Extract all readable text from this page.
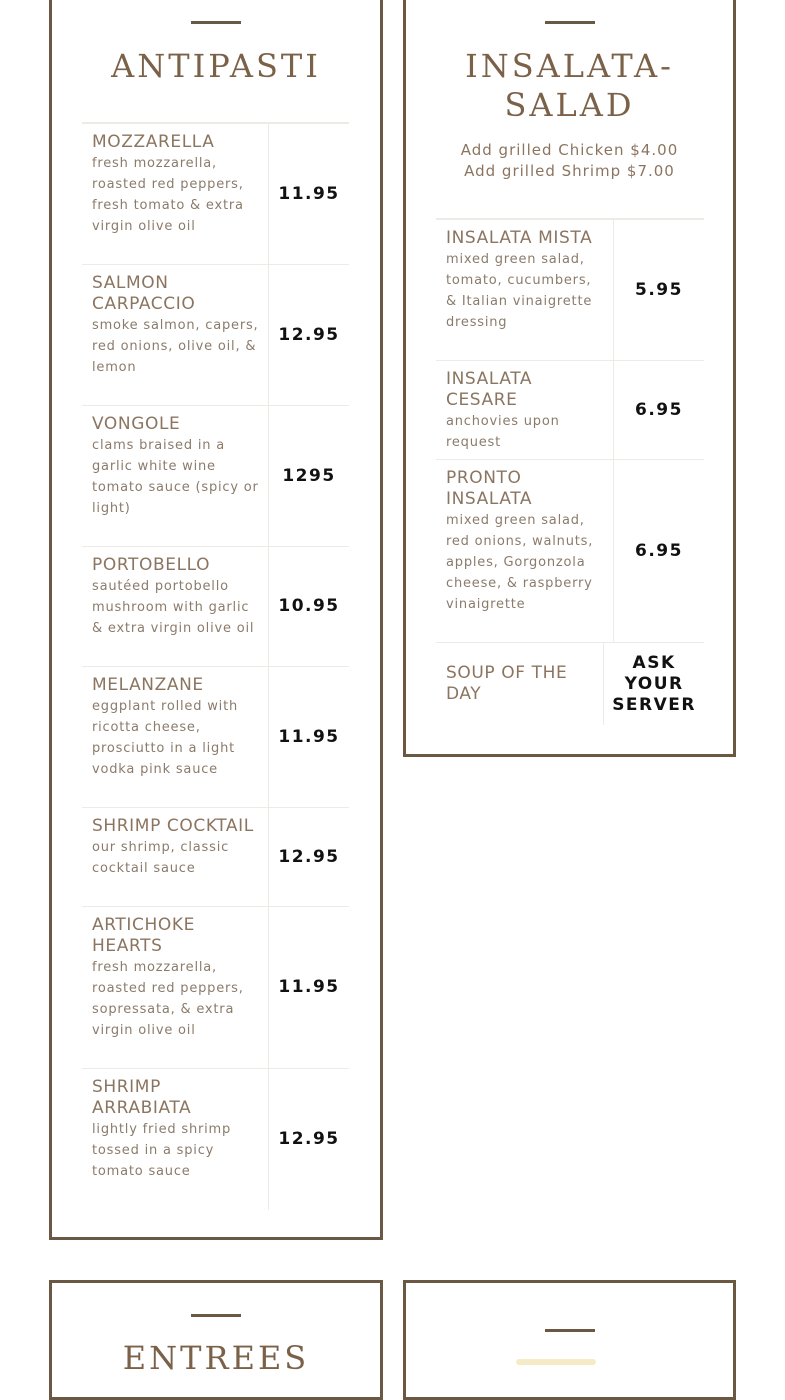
ANTIPASTI
MOZZARELLA
fresh mozzarella, roasted red peppers, fresh tomato & extra virgin olive oil
11.95
SALMON CARPACCIO
smoke salmon, capers, red onions, olive oil, & lemon
12.95
VONGOLE
clams braised in a garlic white wine tomato sauce (spicy or light)
1295
PORTOBELLO
sautéed portobello mushroom with garlic & extra virgin olive oil
10.95
MELANZANE
eggplant rolled with ricotta cheese, prosciutto in a light vodka pink sauce
11.95
SHRIMP COCKTAIL
our shrimp, classic cocktail sauce
12.95
ARTICHOKE HEARTS
fresh mozzarella, roasted red peppers, sopressata, & extra virgin olive oil
11.95
SHRIMP ARRABIATA
lightly fried shrimp tossed in a spicy tomato sauce
12.95
INSALATA-
SALAD
Add grilled Chicken $4.00
Add grilled Shrimp $7.00
INSALATA MISTA
mixed green salad, tomato, cucumbers, & Italian vinaigrette dressing
5.95
INSALATA CESARE
anchovies upon request
6.95
PRONTO INSALATA
mixed green salad, red onions, walnuts, apples, Gorgonzola cheese, & raspberry vinaigrette
6.95
SOUP OF THE DAY
ASK YOUR SERVER
ENTREES
